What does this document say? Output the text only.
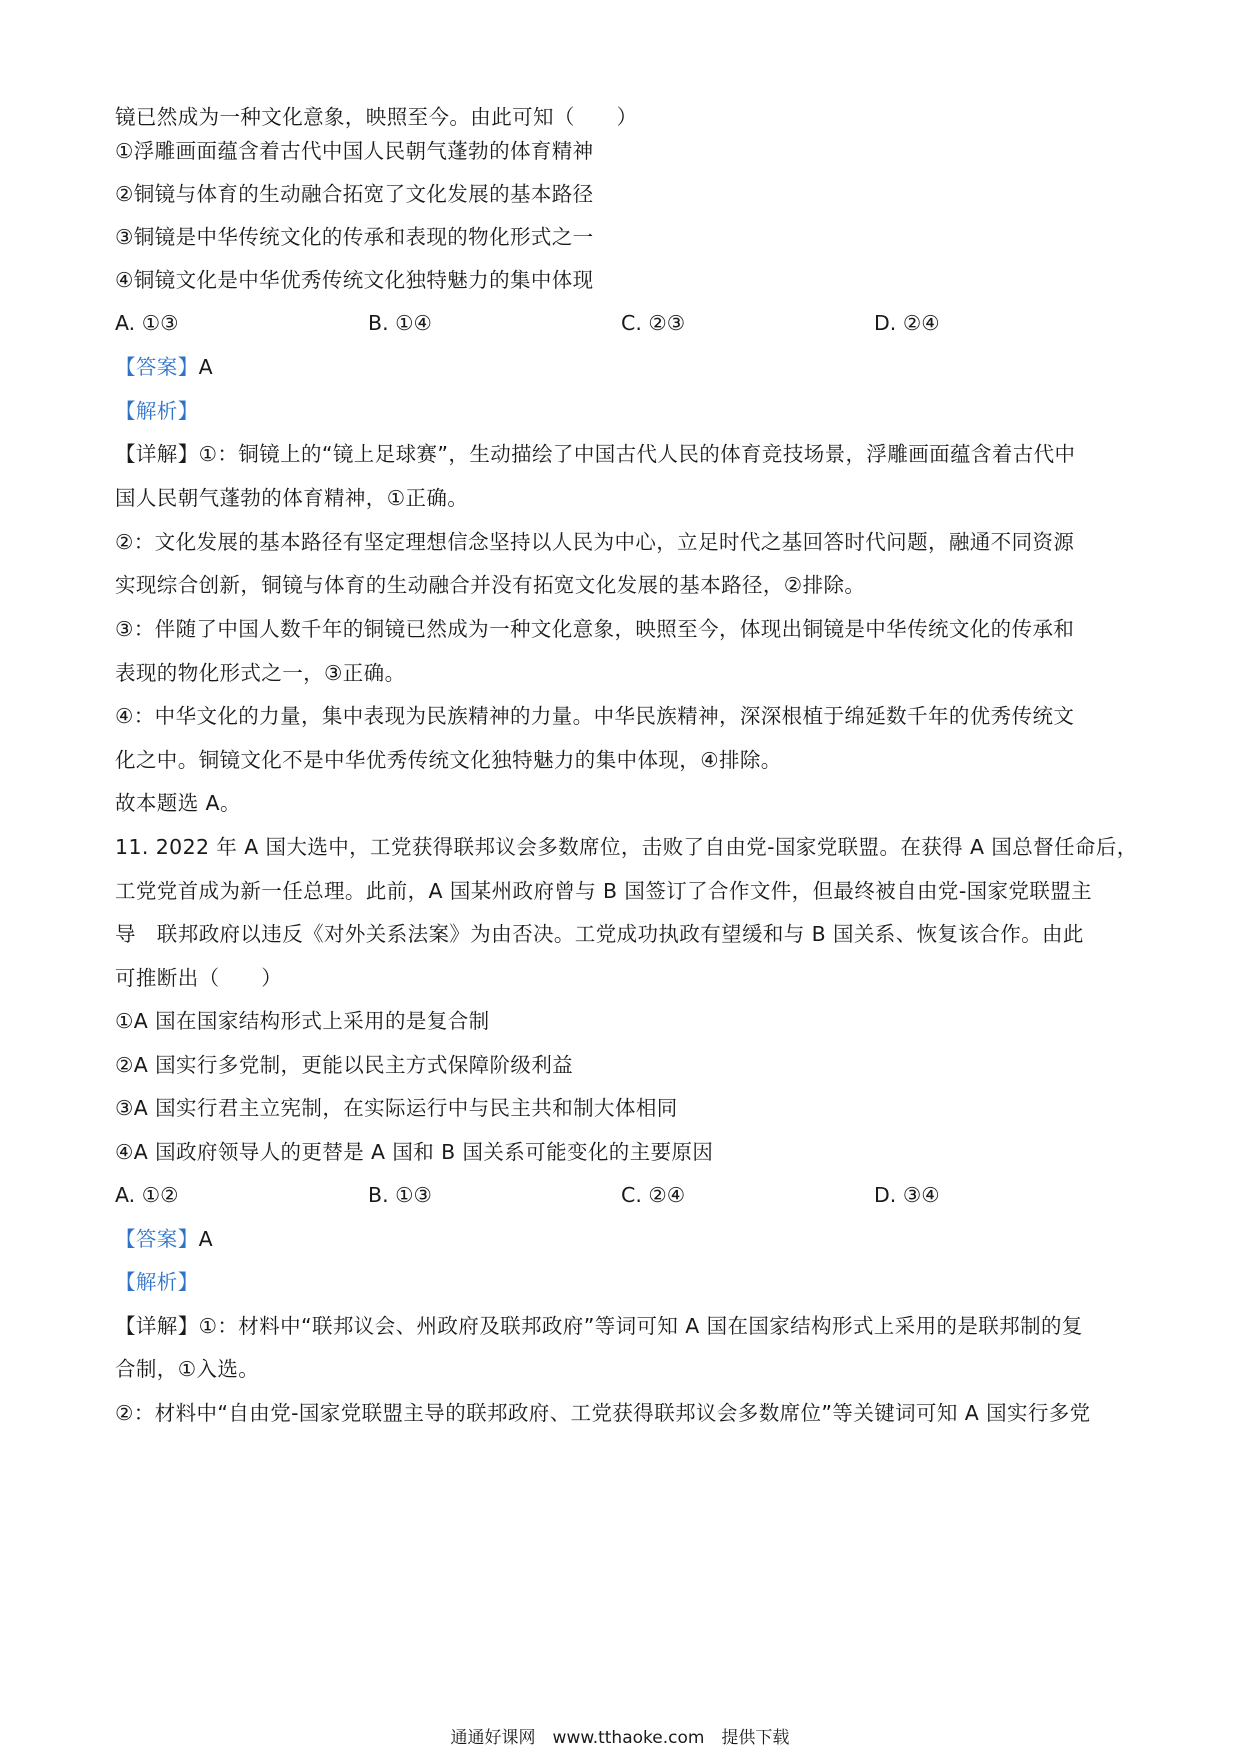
镜已然成为一种文化意象，映照至今。由此可知（　　）
①浮雕画面蕴含着古代中国人民朝气蓬勃的体育精神
②铜镜与体育的生动融合拓宽了文化发展的基本路径
③铜镜是中华传统文化的传承和表现的物化形式之一
④铜镜文化是中华优秀传统文化独特魅力的集中体现
A. ①③	B. ①④	C. ②③	D. ②④
【答案】A
【解析】
【详解】①：铜镜上的“镜上足球赛”，生动描绘了中国古代人民的体育竞技场景，浮雕画面蕴含着古代中
国人民朝气蓬勃的体育精神，①正确。
②：文化发展的基本路径有坚定理想信念坚持以人民为中心，立足时代之基回答时代问题，融通不同资源
实现综合创新，铜镜与体育的生动融合并没有拓宽文化发展的基本路径，②排除。
③：伴随了中国人数千年的铜镜已然成为一种文化意象，映照至今，体现出铜镜是中华传统文化的传承和
表现的物化形式之一，③正确。
④：中华文化的力量，集中表现为民族精神的力量。中华民族精神，深深根植于绵延数千年的优秀传统文
化之中。铜镜文化不是中华优秀传统文化独特魅力的集中体现，④排除。
故本题选 A。
11. 2022 年 A 国大选中，工党获得联邦议会多数席位，击败了自由党-国家党联盟。在获得 A 国总督任命后，
工党党首成为新一任总理。此前，A 国某州政府曾与 B 国签订了合作文件，但最终被自由党-国家党联盟主
导　联邦政府以违反《对外关系法案》为由否决。工党成功执政有望缓和与 B 国关系、恢复该合作。由此
可推断出（　　）
①A 国在国家结构形式上采用的是复合制
②A 国实行多党制，更能以民主方式保障阶级利益
③A 国实行君主立宪制，在实际运行中与民主共和制大体相同
④A 国政府领导人的更替是 A 国和 B 国关系可能变化的主要原因
A. ①②	B. ①③	C. ②④	D. ③④
【答案】A
【解析】
【详解】①：材料中“联邦议会、州政府及联邦政府”等词可知 A 国在国家结构形式上采用的是联邦制的复
合制，①入选。
②：材料中“自由党-国家党联盟主导的联邦政府、工党获得联邦议会多数席位”等关键词可知 A 国实行多党
通通好课网　www.tthaoke.com　提供下载
